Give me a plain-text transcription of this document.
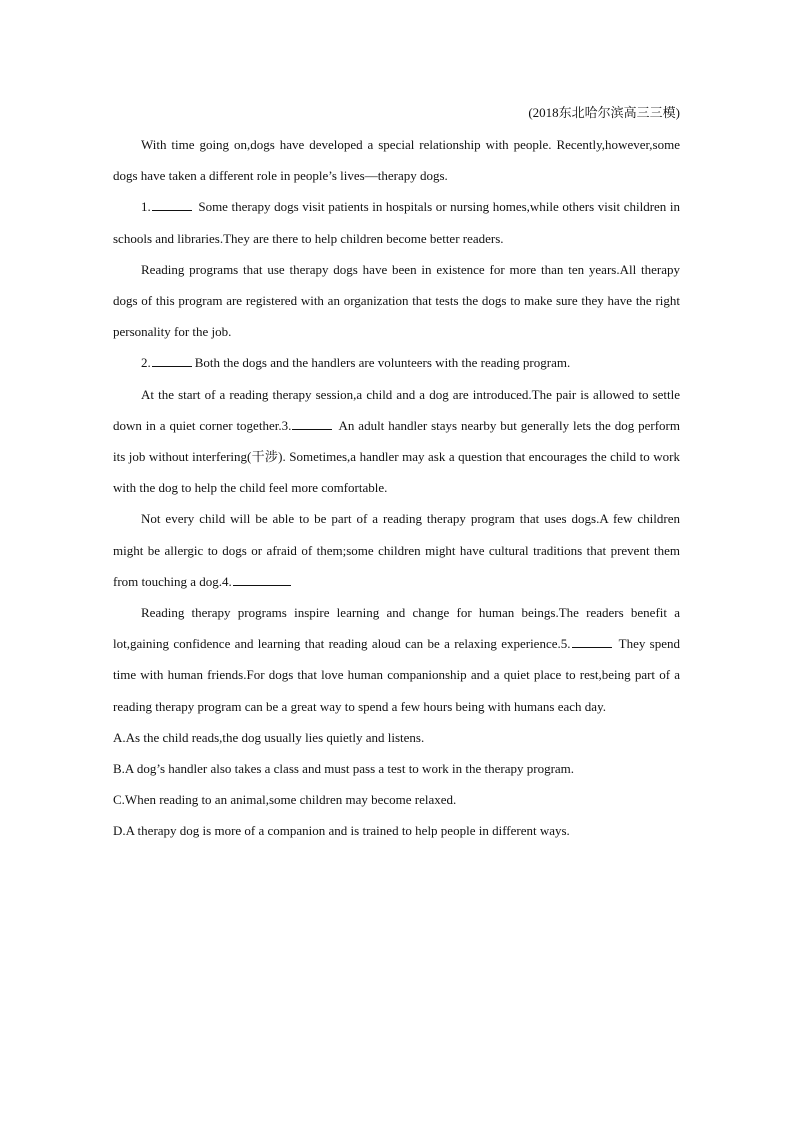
(2018东北哈尔滨高三三模)

With time going on,dogs have developed a special relationship with people. Recently,however,some dogs have taken a different role in people’s lives—therapy dogs.

1.	Some therapy dogs visit patients in hospitals or nursing homes,while others visit children in schools and libraries.They are there to help children become better readers.

Reading programs that use therapy dogs have been in existence for more than ten years.All therapy dogs of this program are registered with an organization that tests the dogs to make sure they have the right personality for the job.

2.	Both the dogs and the handlers are volunteers with the reading program.

At the start of a reading therapy session,a child and a dog are introduced.The pair is allowed to settle down in a quiet corner together.3.	An adult handler stays nearby but generally lets the dog perform its job without interfering(干涉). Sometimes,a handler may ask a question that encourages the child to work with the dog to help the child feel more comfortable.

Not every child will be able to be part of a reading therapy program that uses dogs.A few children might be allergic to dogs or afraid of them;some children might have cultural traditions that prevent them from touching a dog.4.

Reading therapy programs inspire learning and change for human beings.The readers benefit a lot,gaining confidence and learning that reading aloud can be a relaxing experience.5.	They spend time with human friends.For dogs that love human companionship and a quiet place to rest,being part of a reading therapy program can be a great way to spend a few hours being with humans each day.

A.As the child reads,the dog usually lies quietly and listens.

B.A dog’s handler also takes a class and must pass a test to work in the therapy program.

C.When reading to an animal,some children may become relaxed.

D.A therapy dog is more of a companion and is trained to help people in different ways.
